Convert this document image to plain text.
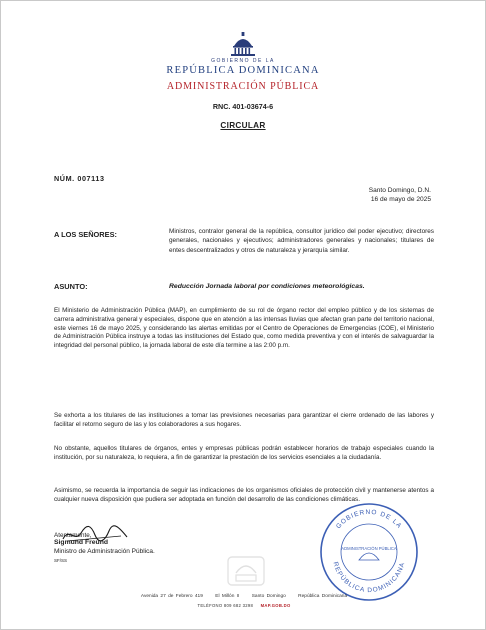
GOBIERNO DE LA
REPÚBLICA DOMINICANA
ADMINISTRACIÓN PÚBLICA
RNC. 401-03674-6
CIRCULAR
NÚM. 007113
Santo Domingo, D.N.
16 de mayo de 2025
A LOS SEÑORES:	Ministros, contralor general de la república, consultor jurídico del poder ejecutivo; directores generales, nacionales y ejecutivos; administradores generales y nacionales; titulares de entes descentralizados y otros de naturaleza y jerarquía similar.
ASUNTO:	Reducción Jornada laboral por condiciones meteorológicas.
El Ministerio de Administración Pública (MAP), en cumplimiento de su rol de órgano rector del empleo público y de los sistemas de carrera administrativa general y especiales, dispone que en atención a las intensas lluvias que afectan gran parte del territorio nacional, este viernes 16 de mayo 2025, y considerando las alertas emitidas por el Centro de Operaciones de Emergencias (COE), el Ministerio de Administración Pública instruye a todas las instituciones del Estado que, como medida preventiva y con el interés de salvaguardar la integridad del personal público, la jornada laboral de este día termine a las 2:00 p.m.
Se exhorta a los titulares de las instituciones a tomar las previsiones necesarias para garantizar el cierre ordenado de las labores y facilitar el retorno seguro de las y los colaboradores a sus hogares.
No obstante, aquellos titulares de órganos, entes y empresas públicas podrán establecer horarios de trabajo especiales cuando la institución, por su naturaleza, lo requiera, a fin de garantizar la prestación de los servicios esenciales a la ciudadanía.
Asimismo, se recuerda la importancia de seguir las indicaciones de los organismos oficiales de protección civil y mantenerse atentos a cualquier nueva disposición que pudiera ser adoptada en función del desarrollo de las condiciones climáticas.
Atentamente,
Sigmund Freund
Ministro de Administración Pública.
SF/SS
GOBIERNO DE LA
REPÚBLICA DOMINICANA
ADMINISTRACIÓN PÚBLICA
Avenida 27 de Febrero 419	El Millón II	Santo Domingo	República Dominicana
TELÉFONO 809 682 3298 MAP.GOB.DO
